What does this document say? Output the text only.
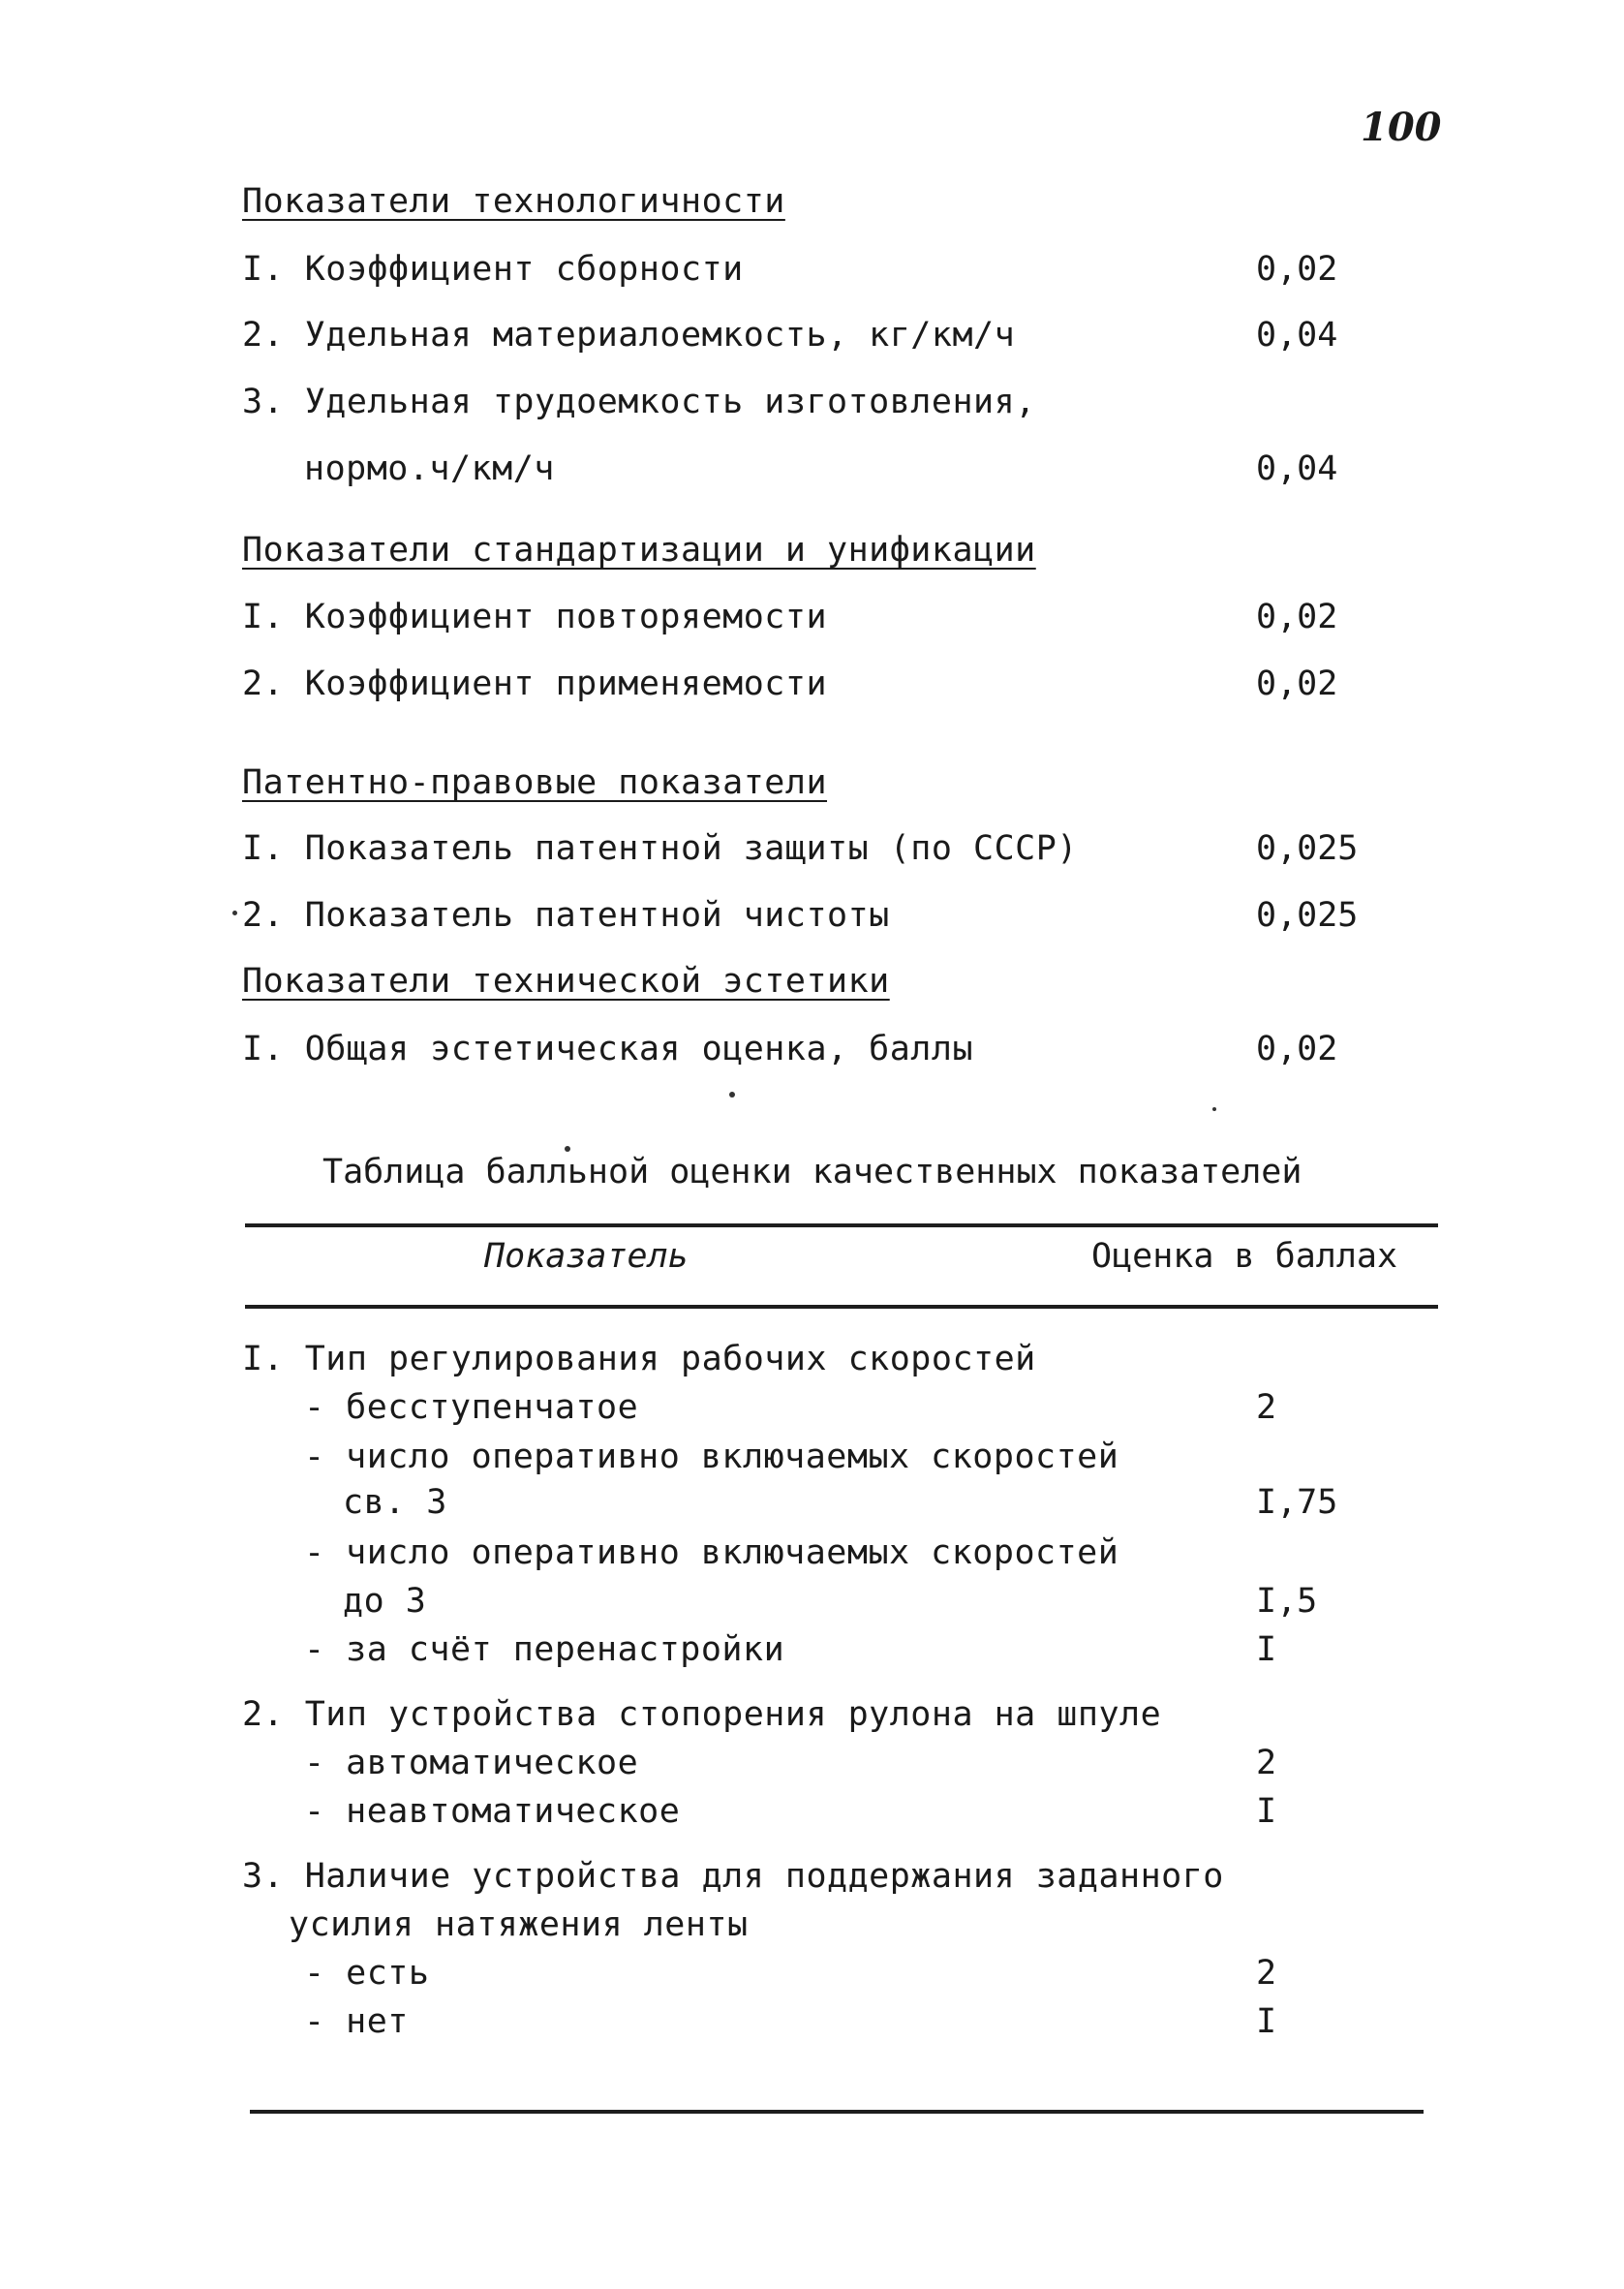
100
Показатели технологичности
I. Коэффициент сборности	0,02
2. Удельная материалоемкость, кг/км/ч	0,04
3. Удельная трудоемкость изготовления,
нормо.ч/км/ч	0,04
Показатели стандартизации и унификации
I. Коэффициент повторяемости	0,02
2. Коэффициент применяемости	0,02
Патентно-правовые показатели
I. Показатель патентной защиты (по СССР)	0,025
2. Показатель патентной чистоты	0,025
Показатели технической эстетики
I. Общая эстетическая оценка, баллы	0,02
Таблица балльной оценки качественных показателей
Показатель	Оценка в баллах
I. Тип регулирования рабочих скоростей
- бесступенчатое	2
- число оперативно включаемых скоростей
св. 3	I,75
- число оперативно включаемых скоростей
до 3	I,5
- за счёт перенастройки	I
2. Тип устройства стопорения рулона на шпуле
- автоматическое	2
- неавтоматическое	I
3. Наличие устройства для поддержания заданного
усилия натяжения ленты
- есть	2
- нет	I
